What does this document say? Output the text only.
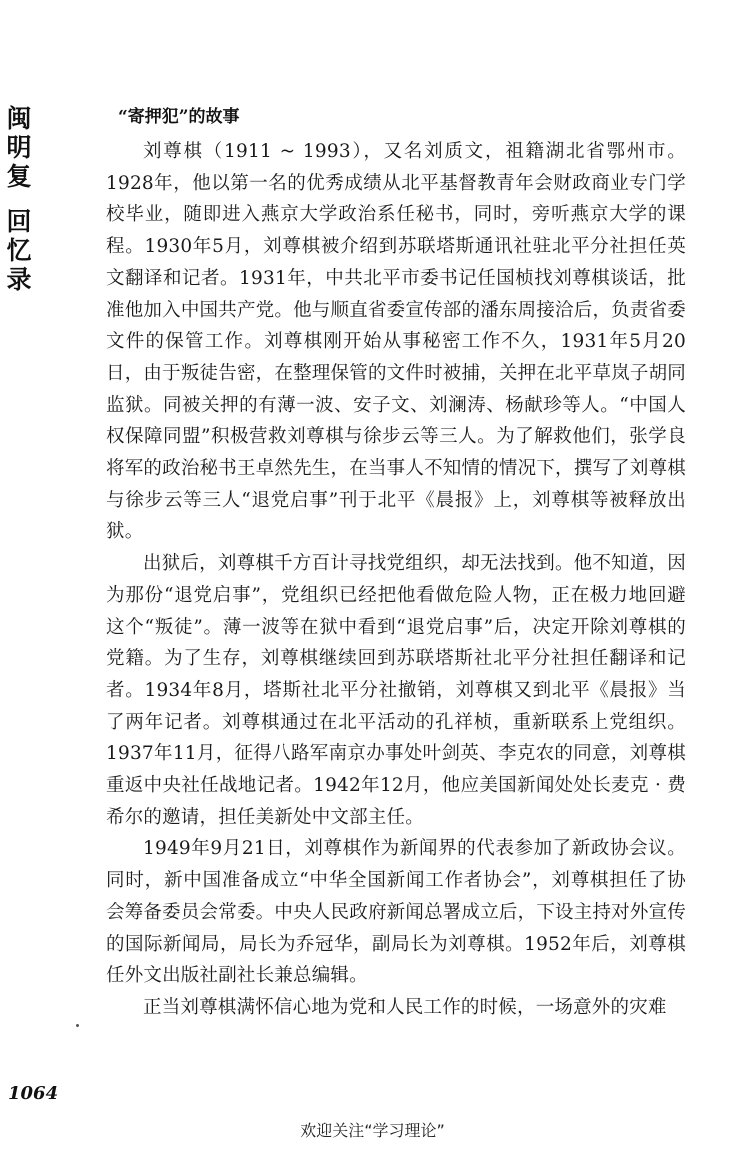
闽
明
复
回
忆
录
“寄押犯”的故事

刘尊棋（1911 ~ 1993），又名刘质文，祖籍湖北省鄂州市。1928年，他以第一名的优秀成绩从北平基督教青年会财政商业专门学校毕业，随即进入燕京大学政治系任秘书，同时，旁听燕京大学的课程。1930年5月，刘尊棋被介绍到苏联塔斯通讯社驻北平分社担任英文翻译和记者。1931年，中共北平市委书记任国桢找刘尊棋谈话，批准他加入中国共产党。他与顺直省委宣传部的潘东周接洽后，负责省委文件的保管工作。刘尊棋刚开始从事秘密工作不久，1931年5月20日，由于叛徒告密，在整理保管的文件时被捕，关押在北平草岚子胡同监狱。同被关押的有薄一波、安子文、刘澜涛、杨献珍等人。“中国人权保障同盟”积极营救刘尊棋与徐步云等三人。为了解救他们，张学良将军的政治秘书王卓然先生，在当事人不知情的情况下，撰写了刘尊棋与徐步云等三人“退党启事”刊于北平《晨报》上，刘尊棋等被释放出狱。

出狱后，刘尊棋千方百计寻找党组织，却无法找到。他不知道，因为那份“退党启事”，党组织已经把他看做危险人物，正在极力地回避这个“叛徒”。薄一波等在狱中看到“退党启事”后，决定开除刘尊棋的党籍。为了生存，刘尊棋继续回到苏联塔斯社北平分社担任翻译和记者。1934年8月，塔斯社北平分社撤销，刘尊棋又到北平《晨报》当了两年记者。刘尊棋通过在北平活动的孔祥桢，重新联系上党组织。1937年11月，征得八路军南京办事处叶剑英、李克农的同意，刘尊棋重返中央社任战地记者。1942年12月，他应美国新闻处处长麦克 · 费希尔的邀请，担任美新处中文部主任。

1949年9月21日，刘尊棋作为新闻界的代表参加了新政协会议。同时，新中国准备成立“中华全国新闻工作者协会”，刘尊棋担任了协会筹备委员会常委。中央人民政府新闻总署成立后，下设主持对外宣传的国际新闻局，局长为乔冠华，副局长为刘尊棋。1952年后，刘尊棋任外文出版社副社长兼总编辑。

正当刘尊棋满怀信心地为党和人民工作的时候，一场意外的灾难

1064
欢迎关注“学习理论”
